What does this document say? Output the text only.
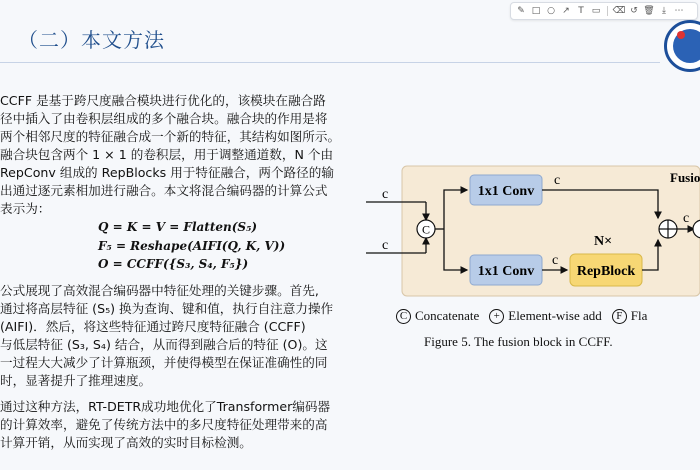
✎ □ ○ ↗ T ▭ ⌫ ↺ 🗑 ⤓ ⋯
（二）本文方法
CCFF 是基于跨尺度融合模块进行优化的，该模块在融合路
径中插入了由卷积层组成的多个融合块。融合块的作用是将
两个相邻尺度的特征融合成一个新的特征，其结构如图所示。
融合块包含两个 1 × 1 的卷积层，用于调整通道数，N 个由
RepConv 组成的 RepBlocks 用于特征融合，两个路径的输
出通过逐元素相加进行融合。本文将混合编码器的计算公式
表示为：
Q = K = V = Flatten(S₅)
F₅ = Reshape(AIFI(Q, K, V))
O = CCFF({S₃, S₄, F₅})
公式展现了高效混合编码器中特征处理的关键步骤。首先,
通过将高层特征 (S₅) 换为查询、键和值，执行自注意力操作
(AIFI)．然后，将这些特征通过跨尺度特征融合 (CCFF)
与低层特征 (S₃, S₄) 结合，从而得到融合后的特征 (O)。这
一过程大大减少了计算瓶颈，并使得模型在保证准确性的同
时，显著提升了推理速度。
通过这种方法，RT-DETR成功地优化了Transformer编码器
的计算效率，避免了传统方法中的多尺度特征处理带来的高
计算开销，从而实现了高效的实时目标检测。
c
c
C
1x1 Conv
1x1 Conv
c
c
RepBlock
N×
c
Fusio
C Concatenate	+ Element-wise add	F Fla
Figure 5. The fusion block in CCFF.
